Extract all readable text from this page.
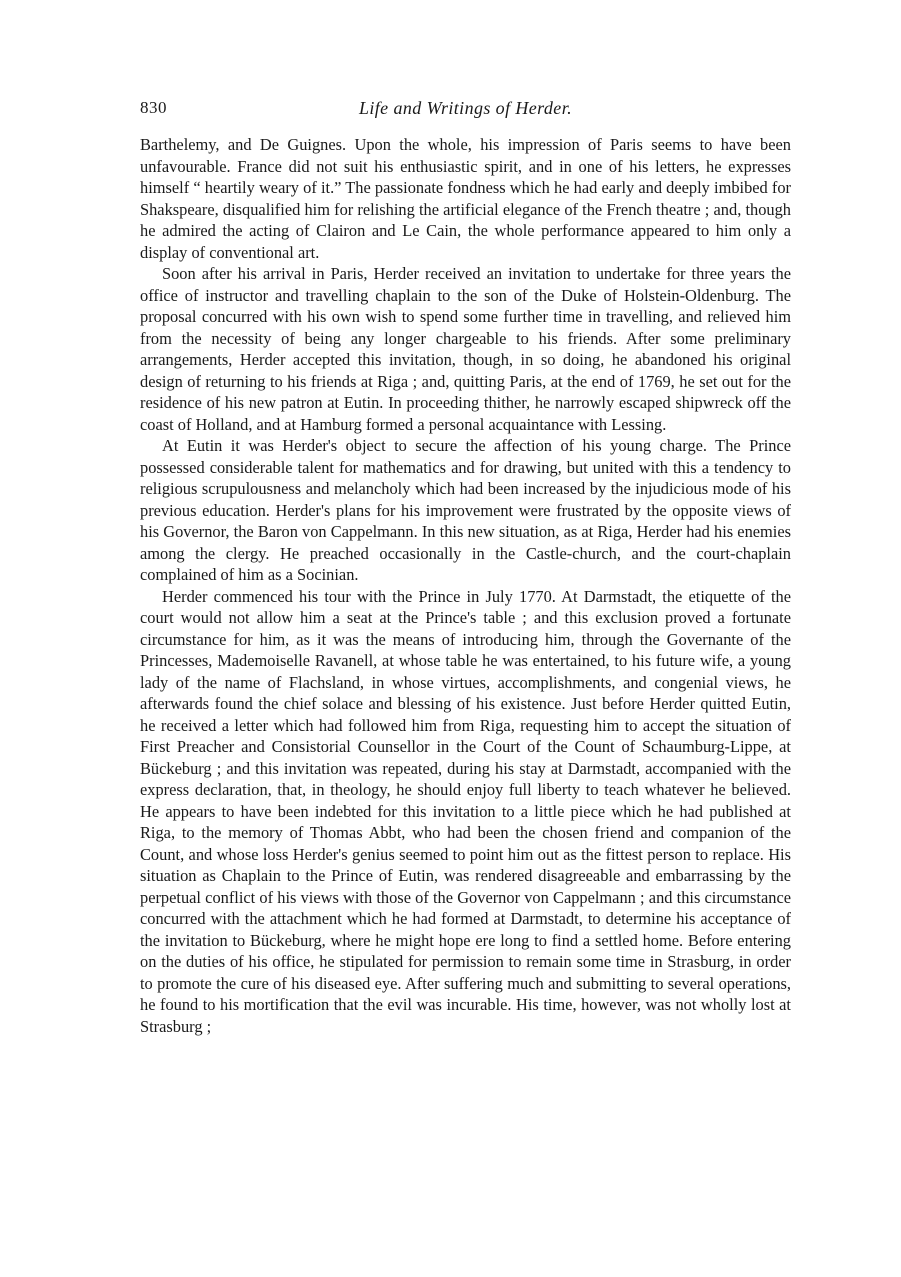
830	Life and Writings of Herder.

Barthelemy, and De Guignes. Upon the whole, his impression of Paris seems to have been unfavourable. France did not suit his enthusiastic spirit, and in one of his letters, he expresses himself “ heartily weary of it.” The passionate fondness which he had early and deeply imbibed for Shakspeare, disqualified him for relishing the artificial elegance of the French theatre ; and, though he admired the acting of Clairon and Le Cain, the whole performance appeared to him only a display of conventional art.

Soon after his arrival in Paris, Herder received an invitation to undertake for three years the office of instructor and travelling chaplain to the son of the Duke of Holstein-Oldenburg. The proposal concurred with his own wish to spend some further time in travelling, and relieved him from the necessity of being any longer chargeable to his friends. After some preliminary arrangements, Herder accepted this invitation, though, in so doing, he abandoned his original design of returning to his friends at Riga ; and, quitting Paris, at the end of 1769, he set out for the residence of his new patron at Eutin. In proceeding thither, he narrowly escaped shipwreck off the coast of Holland, and at Hamburg formed a personal acquaintance with Lessing.

At Eutin it was Herder's object to secure the affection of his young charge. The Prince possessed considerable talent for mathematics and for drawing, but united with this a tendency to religious scrupulousness and melancholy which had been increased by the injudicious mode of his previous education. Herder's plans for his improvement were frustrated by the opposite views of his Governor, the Baron von Cappelmann. In this new situation, as at Riga, Herder had his enemies among the clergy. He preached occasionally in the Castle-church, and the court-chaplain complained of him as a Socinian.

Herder commenced his tour with the Prince in July 1770. At Darmstadt, the etiquette of the court would not allow him a seat at the Prince's table ; and this exclusion proved a fortunate circumstance for him, as it was the means of introducing him, through the Governante of the Princesses, Mademoiselle Ravanell, at whose table he was entertained, to his future wife, a young lady of the name of Flachsland, in whose virtues, accomplishments, and congenial views, he afterwards found the chief solace and blessing of his existence. Just before Herder quitted Eutin, he received a letter which had followed him from Riga, requesting him to accept the situation of First Preacher and Consistorial Counsellor in the Court of the Count of Schaumburg-Lippe, at Bückeburg ; and this invitation was repeated, during his stay at Darmstadt, accompanied with the express declaration, that, in theology, he should enjoy full liberty to teach whatever he believed. He appears to have been indebted for this invitation to a little piece which he had published at Riga, to the memory of Thomas Abbt, who had been the chosen friend and companion of the Count, and whose loss Herder's genius seemed to point him out as the fittest person to replace. His situation as Chaplain to the Prince of Eutin, was rendered disagreeable and embarrassing by the perpetual conflict of his views with those of the Governor von Cappelmann ; and this circumstance concurred with the attachment which he had formed at Darmstadt, to determine his acceptance of the invitation to Bückeburg, where he might hope ere long to find a settled home. Before entering on the duties of his office, he stipulated for permission to remain some time in Strasburg, in order to promote the cure of his diseased eye. After suffering much and submitting to several operations, he found to his mortification that the evil was incurable. His time, however, was not wholly lost at Strasburg ;
